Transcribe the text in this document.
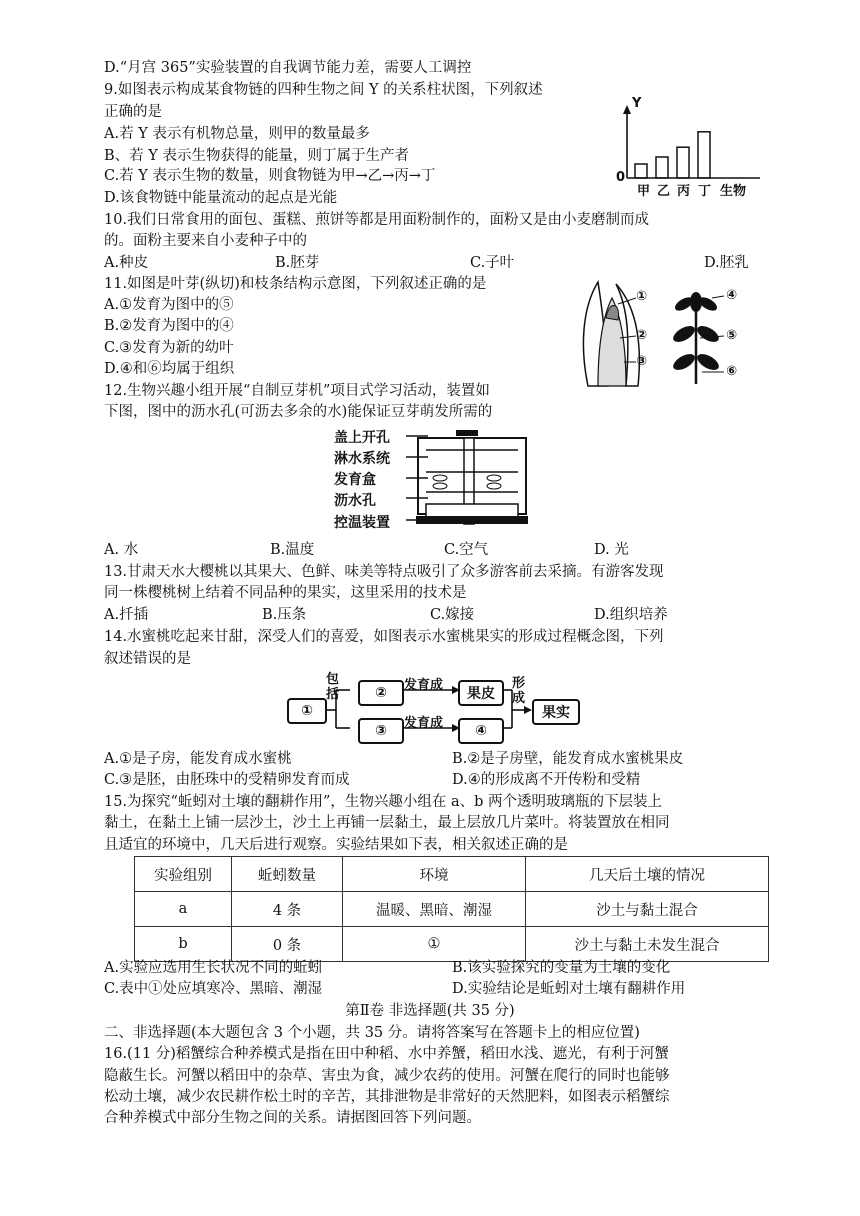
D.“月宫 365”实验装置的自我调节能力差，需要人工调控
9.如图表示构成某食物链的四种生物之间 Y 的关系柱状图，下列叙述
正确的是
A.若 Y 表示有机物总量，则甲的数量最多
B、若 Y 表示生物获得的能量，则丁属于生产者
C.若 Y 表示生物的数量，则食物链为甲→乙→丙→丁
D.该食物链中能量流动的起点是光能
Y
0
甲 乙 丙 丁 生物
10.我们日常食用的面包、蛋糕、煎饼等都是用面粉制作的，面粉又是由小麦磨制而成
的。面粉主要来自小麦种子中的
A.种皮	B.胚芽	C.子叶	D.胚乳
11.如图是叶芽(纵切)和枝条结构示意图，下列叙述正确的是
A.①发育为图中的⑤
B.②发育为图中的④
C.③发育为新的幼叶
D.④和⑥均属于组织
①
②
③
④
⑤
⑥
12.生物兴趣小组开展“自制豆芽机”项目式学习活动，装置如
下图，图中的沥水孔(可沥去多余的水)能保证豆芽萌发所需的
盖上开孔
淋水系统
发育盒
沥水孔
控温装置
A. 水	B.温度	C.空气	D. 光
13.甘肃天水大樱桃以其果大、色鲜、味美等特点吸引了众多游客前去采摘。有游客发现
同一株樱桃树上结着不同品种的果实，这里采用的技术是
A.扦插	B.压条	C.嫁接	D.组织培养
14.水蜜桃吃起来甘甜，深受人们的喜爱，如图表示水蜜桃果实的形成过程概念图，下列
叙述错误的是
①
包括	②
③
发育成
发育成
果皮
④
形成
果实
A.①是子房，能发育成水蜜桃	B.②是子房壁，能发育成水蜜桃果皮
C.③是胚，由胚珠中的受精卵发育而成	D.④的形成离不开传粉和受精
15.为探究“蚯蚓对土壤的翻耕作用”，生物兴趣小组在 a、b 两个透明玻璃瓶的下层装上
黏土，在黏土上铺一层沙土，沙土上再铺一层黏土，最上层放几片菜叶。将装置放在相同
且适宜的环境中，几天后进行观察。实验结果如下表，相关叙述正确的是
实验组别	蚯蚓数量	环境	几天后土壤的情况
a	4 条	温暖、黑暗、潮湿	沙土与黏土混合
b	0 条	①	沙土与黏土未发生混合
A.实验应选用生长状况不同的蚯蚓	B.该实验探究的变量为土壤的变化
C.表中①处应填寒冷、黑暗、潮湿	D.实验结论是蚯蚓对土壤有翻耕作用
第Ⅱ卷 非选择题(共 35 分)
二、非选择题(本大题包含 3 个小题，共 35 分。请将答案写在答题卡上的相应位置)
16.(11 分)稻蟹综合种养模式是指在田中种稻、水中养蟹，稻田水浅、遮光，有利于河蟹
隐蔽生长。河蟹以稻田中的杂草、害虫为食，减少农药的使用。河蟹在爬行的同时也能够
松动土壤，减少农民耕作松土时的辛苦，其排泄物是非常好的天然肥料，如图表示稻蟹综
合种养模式中部分生物之间的关系。请据图回答下列问题。
